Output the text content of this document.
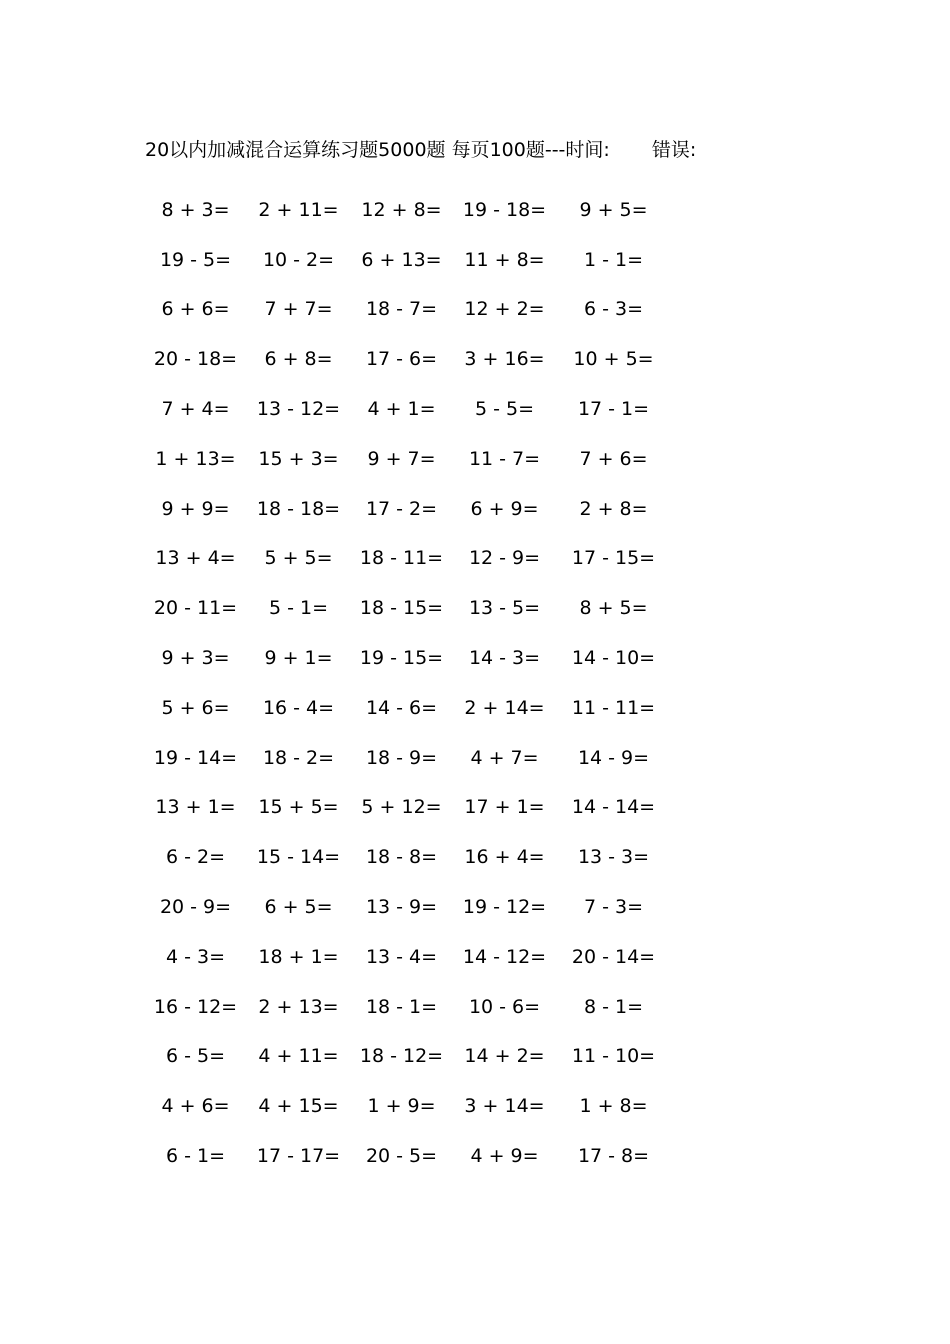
20以内加减混合运算练习题5000题 每页100题---时间: 错误:
8 + 3=	2 + 11=	12 + 8=	19 - 18=	9 + 5=
19 - 5=	10 - 2=	6 + 13=	11 + 8=	1 - 1=
6 + 6=	7 + 7=	18 - 7=	12 + 2=	6 - 3=
20 - 18=	6 + 8=	17 - 6=	3 + 16=	10 + 5=
7 + 4=	13 - 12=	4 + 1=	5 - 5=	17 - 1=
1 + 13=	15 + 3=	9 + 7=	11 - 7=	7 + 6=
9 + 9=	18 - 18=	17 - 2=	6 + 9=	2 + 8=
13 + 4=	5 + 5=	18 - 11=	12 - 9=	17 - 15=
20 - 11=	5 - 1=	18 - 15=	13 - 5=	8 + 5=
9 + 3=	9 + 1=	19 - 15=	14 - 3=	14 - 10=
5 + 6=	16 - 4=	14 - 6=	2 + 14=	11 - 11=
19 - 14=	18 - 2=	18 - 9=	4 + 7=	14 - 9=
13 + 1=	15 + 5=	5 + 12=	17 + 1=	14 - 14=
6 - 2=	15 - 14=	18 - 8=	16 + 4=	13 - 3=
20 - 9=	6 + 5=	13 - 9=	19 - 12=	7 - 3=
4 - 3=	18 + 1=	13 - 4=	14 - 12=	20 - 14=
16 - 12=	2 + 13=	18 - 1=	10 - 6=	8 - 1=
6 - 5=	4 + 11=	18 - 12=	14 + 2=	11 - 10=
4 + 6=	4 + 15=	1 + 9=	3 + 14=	1 + 8=
6 - 1=	17 - 17=	20 - 5=	4 + 9=	17 - 8=
